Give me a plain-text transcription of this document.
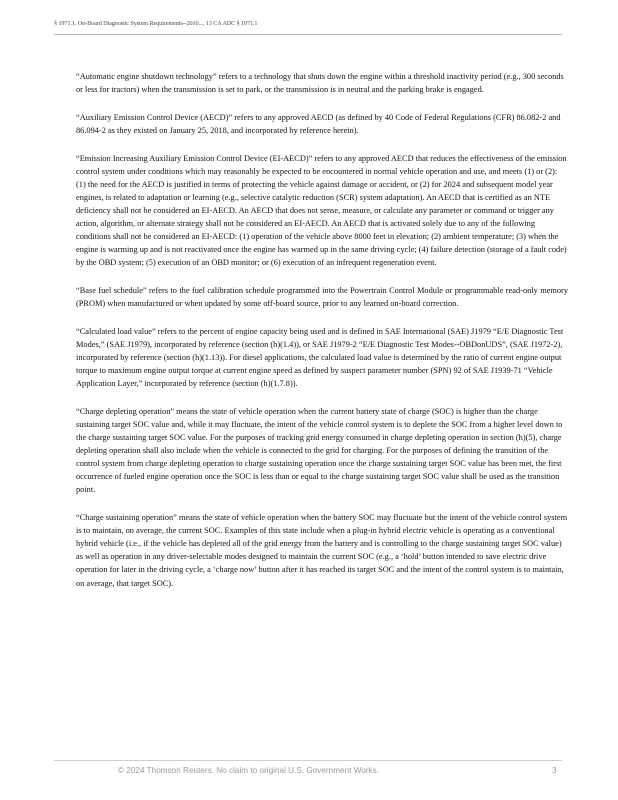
§ 1971.1. On-Board Diagnostic System Requirements--2010..., 13 CA ADC § 1971.1

“Automatic engine shutdown technology” refers to a technology that shuts down the engine within a threshold inactivity period (e.g., 300 seconds or less for tractors) when the transmission is set to park, or the transmission is in neutral and the parking brake is engaged.

“Auxiliary Emission Control Device (AECD)” refers to any approved AECD (as defined by 40 Code of Federal Regulations (CFR) 86.082-2 and 86.094-2 as they existed on January 25, 2018, and incorporated by reference herein).

“Emission Increasing Auxiliary Emission Control Device (EI-AECD)” refers to any approved AECD that reduces the effectiveness of the emission control system under conditions which may reasonably be expected to be encountered in normal vehicle operation and use, and meets (1) or (2): (1) the need for the AECD is justified in terms of protecting the vehicle against damage or accident, or (2) for 2024 and subsequent model year engines, is related to adaptation or learning (e.g., selective catalytic reduction (SCR) system adaptation). An AECD that is certified as an NTE deficiency shall not be considered an EI-AECD. An AECD that does not sense, measure, or calculate any parameter or command or trigger any action, algorithm, or alternate strategy shall not be considered an EI-AECD. An AECD that is activated solely due to any of the following conditions shall not be considered an EI-AECD: (1) operation of the vehicle above 8000 feet in elevation; (2) ambient temperature; (3) when the engine is warming up and is not reactivated once the engine has warmed up in the same driving cycle; (4) failure detection (storage of a fault code) by the OBD system; (5) execution of an OBD monitor; or (6) execution of an infrequent regeneration event.

“Base fuel schedule” refers to the fuel calibration schedule programmed into the Powertrain Control Module or programmable read-only memory (PROM) when manufactured or when updated by some off-board source, prior to any learned on-board correction.

“Calculated load value” refers to the percent of engine capacity being used and is defined in SAE International (SAE) J1979 “E/E Diagnostic Test Modes,” (SAE J1979), incorporated by reference (section (h)(1.4)), or SAE J1979-2 “E/E Diagnostic Test Modes--OBDonUDS”, (SAE J1972-2), incorporated by reference (section (h)(1.13)). For diesel applications, the calculated load value is determined by the ratio of current engine output torque to maximum engine output torque at current engine speed as defined by suspect parameter number (SPN) 92 of SAE J1939-71 “Vehicle Application Layer,” incorporated by reference (section (h)(1.7.8)).

“Charge depleting operation” means the state of vehicle operation when the current battery state of charge (SOC) is higher than the charge sustaining target SOC value and, while it may fluctuate, the intent of the vehicle control system is to deplete the SOC from a higher level down to the charge sustaining target SOC value. For the purposes of tracking grid energy consumed in charge depleting operation in section (h)(5), charge depleting operation shall also include when the vehicle is connected to the grid for charging. For the purposes of defining the transition of the control system from charge depleting operation to charge sustaining operation once the charge sustaining target SOC value has been met, the first occurrence of fueled engine operation once the SOC is less than or equal to the charge sustaining target SOC value shall be used as the transition point.

“Charge sustaining operation” means the state of vehicle operation when the battery SOC may fluctuate but the intent of the vehicle control system is to maintain, on average, the current SOC. Examples of this state include when a plug-in hybrid electric vehicle is operating as a conventional hybrid vehicle (i.e., if the vehicle has depleted all of the grid energy from the battery and is controlling to the charge sustaining target SOC value) as well as operation in any driver-selectable modes designed to maintain the current SOC (e.g., a ‘hold’ button intended to save electric drive operation for later in the driving cycle, a ‘charge now’ button after it has reached its target SOC and the intent of the control system is to maintain, on average, that target SOC).

© 2024 Thomson Reuters. No claim to original U.S. Government Works.	3
